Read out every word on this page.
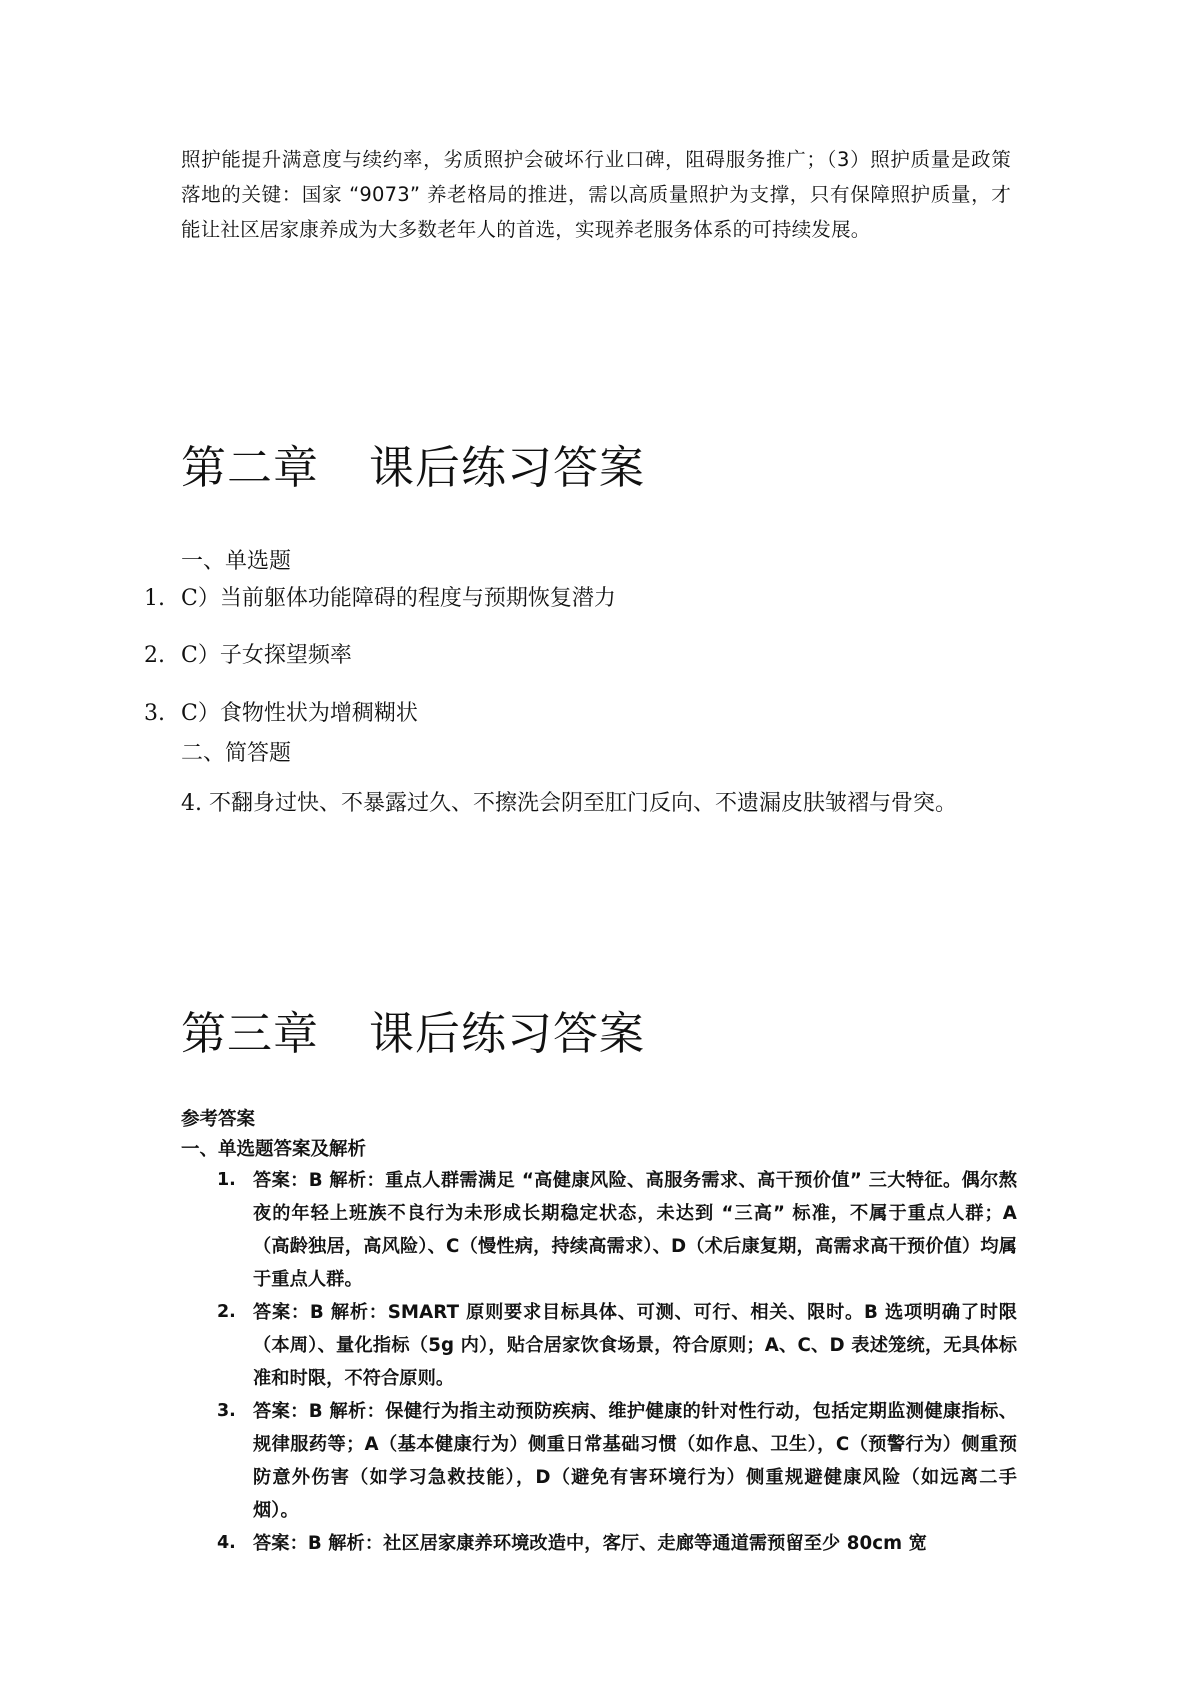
照护能提升满意度与续约率，劣质照护会破坏行业口碑，阻碍服务推广；（3）照护质量是政策落地的关键：国家 “9073” 养老格局的推进，需以高质量照护为支撑，只有保障照护质量，才能让社区居家康养成为大多数老年人的首选，实现养老服务体系的可持续发展。

第二章 课后练习答案

一、单选题

1. C）当前躯体功能障碍的程度与预期恢复潜力
2. C）子女探望频率
3. C）食物性状为增稠糊状

二、简答题

4. 不翻身过快、不暴露过久、不擦洗会阴至肛门反向、不遗漏皮肤皱褶与骨突。

第三章 课后练习答案

参考答案

一、单选题答案及解析

1. 答案：B 解析：重点人群需满足 “高健康风险、高服务需求、高干预价值” 三大特征。偶尔熬夜的年轻上班族不良行为未形成长期稳定状态，未达到 “三高” 标准，不属于重点人群；A（高龄独居，高风险）、C（慢性病，持续高需求）、D（术后康复期，高需求高干预价值）均属于重点人群。

2. 答案：B 解析：SMART 原则要求目标具体、可测、可行、相关、限时。B 选项明确了时限（本周）、量化指标（5g 内），贴合居家饮食场景，符合原则；A、C、D 表述笼统，无具体标准和时限，不符合原则。

3. 答案：B 解析：保健行为指主动预防疾病、维护健康的针对性行动，包括定期监测健康指标、规律服药等；A（基本健康行为）侧重日常基础习惯（如作息、卫生），C（预警行为）侧重预防意外伤害（如学习急救技能），D（避免有害环境行为）侧重规避健康风险（如远离二手烟）。

4. 答案：B 解析：社区居家康养环境改造中，客厅、走廊等通道需预留至少 80cm 宽
